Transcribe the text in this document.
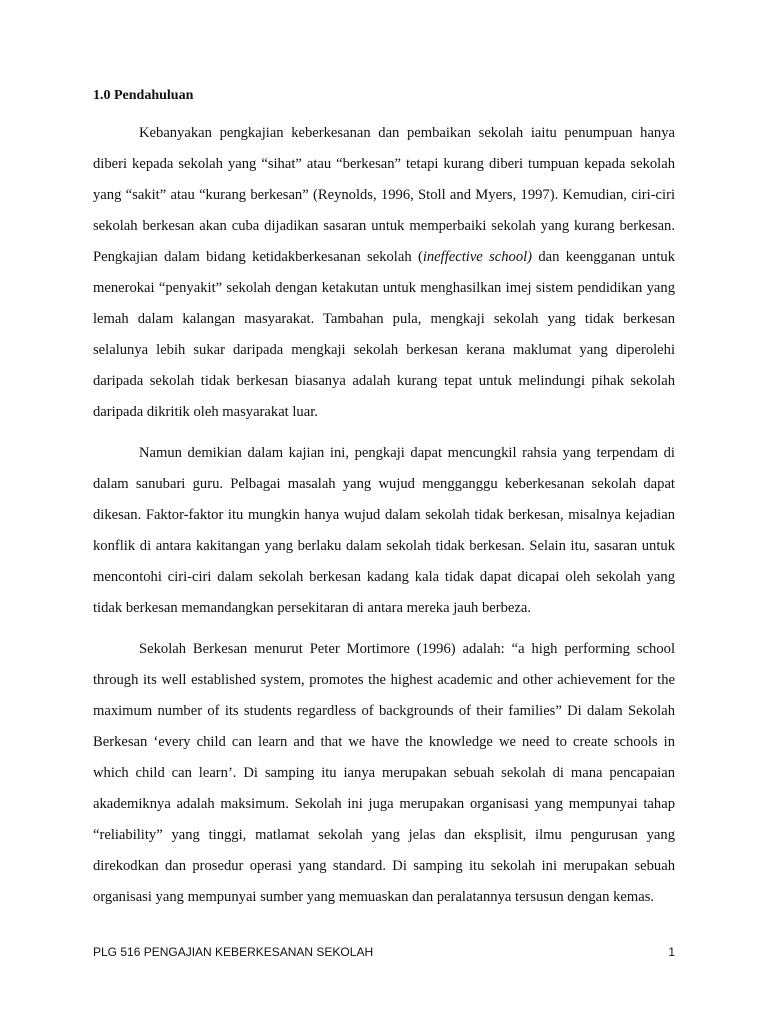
1.0 Pendahuluan

Kebanyakan pengkajian keberkesanan dan pembaikan sekolah iaitu penumpuan hanya diberi kepada sekolah yang “sihat” atau “berkesan” tetapi kurang diberi tumpuan kepada sekolah yang “sakit” atau “kurang berkesan” (Reynolds, 1996, Stoll and Myers, 1997). Kemudian, ciri-ciri sekolah berkesan akan cuba dijadikan sasaran untuk memperbaiki sekolah yang kurang berkesan. Pengkajian dalam bidang ketidakberkesanan sekolah (ineffective school) dan keengganan untuk menerokai “penyakit” sekolah dengan ketakutan untuk menghasilkan imej sistem pendidikan yang lemah dalam kalangan masyarakat. Tambahan pula, mengkaji sekolah yang tidak berkesan selalunya lebih sukar daripada mengkaji sekolah berkesan kerana maklumat yang diperolehi daripada sekolah tidak berkesan biasanya adalah kurang tepat untuk melindungi pihak sekolah daripada dikritik oleh masyarakat luar.

Namun demikian dalam kajian ini, pengkaji dapat mencungkil rahsia yang terpendam di dalam sanubari guru. Pelbagai masalah yang wujud mengganggu keberkesanan sekolah dapat dikesan. Faktor-faktor itu mungkin hanya wujud dalam sekolah tidak berkesan, misalnya kejadian konflik di antara kakitangan yang berlaku dalam sekolah tidak berkesan. Selain itu, sasaran untuk mencontohi ciri-ciri dalam sekolah berkesan kadang kala tidak dapat dicapai oleh sekolah yang tidak berkesan memandangkan persekitaran di antara mereka jauh berbeza.

Sekolah Berkesan menurut Peter Mortimore (1996) adalah: “a high performing school through its well established system, promotes the highest academic and other achievement for the maximum number of its students regardless of backgrounds of their families” Di dalam Sekolah Berkesan ‘every child can learn and that we have the knowledge we need to create schools in which child can learn’. Di samping itu ianya merupakan sebuah sekolah di mana pencapaian akademiknya adalah maksimum. Sekolah ini juga merupakan organisasi yang mempunyai tahap “reliability” yang tinggi, matlamat sekolah yang jelas dan eksplisit, ilmu pengurusan yang direkodkan dan prosedur operasi yang standard. Di samping itu sekolah ini merupakan sebuah organisasi yang mempunyai sumber yang memuaskan dan peralatannya tersusun dengan kemas.

PLG 516 PENGAJIAN KEBERKESANAN SEKOLAH	1
